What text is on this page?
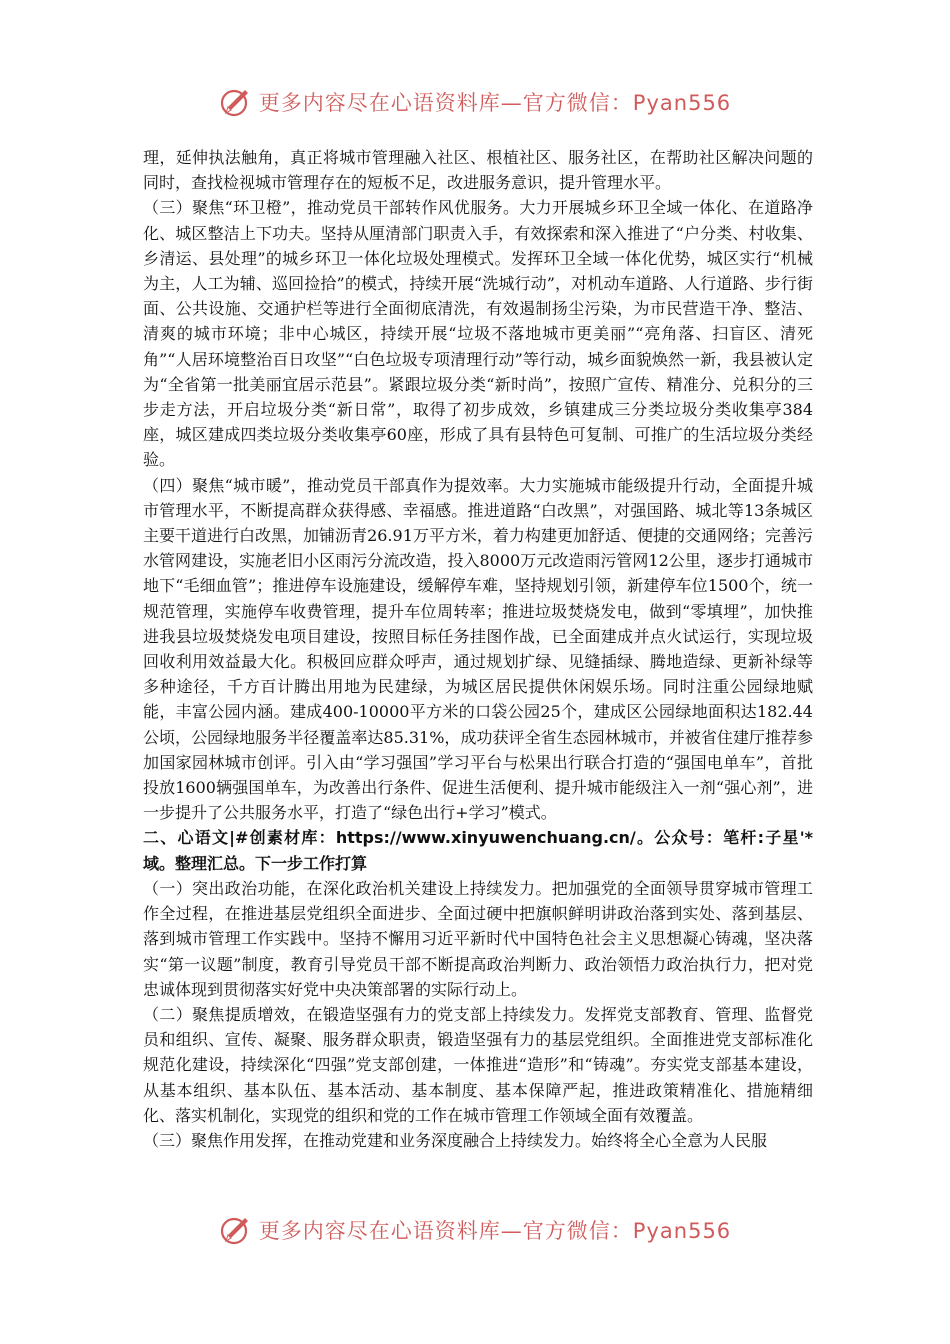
更多内容尽在心语资料库—官方微信：Pyan556

理，延伸执法触角，真正将城市管理融入社区、根植社区、服务社区，在帮助社区解决问题的同时，查找检视城市管理存在的短板不足，改进服务意识，提升管理水平。

（三）聚焦“环卫橙”，推动党员干部转作风优服务。大力开展城乡环卫全域一体化、在道路净化、城区整洁上下功夫。坚持从厘清部门职责入手，有效探索和深入推进了“户分类、村收集、乡清运、县处理”的城乡环卫一体化垃圾处理模式。发挥环卫全域一体化优势，城区实行“机械为主，人工为辅、巡回捡拾”的模式，持续开展“洗城行动”，对机动车道路、人行道路、步行街面、公共设施、交通护栏等进行全面彻底清洗，有效遏制扬尘污染，为市民营造干净、整洁、清爽的城市环境；非中心城区，持续开展“垃圾不落地城市更美丽”“亮角落、扫盲区、清死角”“人居环境整治百日攻坚”“白色垃圾专项清理行动”等行动，城乡面貌焕然一新，我县被认定为“全省第一批美丽宜居示范县”。紧跟垃圾分类“新时尚”，按照广宣传、精准分、兑积分的三步走方法，开启垃圾分类“新日常”，取得了初步成效，乡镇建成三分类垃圾分类收集亭384座，城区建成四类垃圾分类收集亭60座，形成了具有县特色可复制、可推广的生活垃圾分类经验。

（四）聚焦“城市暖”，推动党员干部真作为提效率。大力实施城市能级提升行动，全面提升城市管理水平，不断提高群众获得感、幸福感。推进道路“白改黑”，对强国路、城北等13条城区主要干道进行白改黑，加铺沥青26.91万平方米，着力构建更加舒适、便捷的交通网络；完善污水管网建设，实施老旧小区雨污分流改造，投入8000万元改造雨污管网12公里，逐步打通城市地下“毛细血管”；推进停车设施建设，缓解停车难，坚持规划引领，新建停车位1500个，统一规范管理，实施停车收费管理，提升车位周转率；推进垃圾焚烧发电，做到“零填埋”，加快推进我县垃圾焚烧发电项目建设，按照目标任务挂图作战，已全面建成并点火试运行，实现垃圾回收利用效益最大化。积极回应群众呼声，通过规划扩绿、见缝插绿、腾地造绿、更新补绿等多种途径，千方百计腾出用地为民建绿，为城区居民提供休闲娱乐场。同时注重公园绿地赋能，丰富公园内涵。建成400-10000平方米的口袋公园25个，建成区公园绿地面积达182.44公顷，公园绿地服务半径覆盖率达85.31%，成功获评全省生态园林城市，并被省住建厅推荐参加国家园林城市创评。引入由“学习强国”学习平台与松果出行联合打造的“强国电单车”，首批投放1600辆强国单车，为改善出行条件、促进生活便利、提升城市能级注入一剂“强心剂”，进一步提升了公共服务水平，打造了“绿色出行+学习”模式。

二、心语文|#创素材库：https://www.xinyuwenchuang.cn/。公众号：笔杆:子星'*域。整理汇总。下一步工作打算

（一）突出政治功能，在深化政治机关建设上持续发力。把加强党的全面领导贯穿城市管理工作全过程，在推进基层党组织全面进步、全面过硬中把旗帜鲜明讲政治落到实处、落到基层、落到城市管理工作实践中。坚持不懈用习近平新时代中国特色社会主义思想凝心铸魂，坚决落实“第一议题”制度，教育引导党员干部不断提高政治判断力、政治领悟力政治执行力，把对党忠诚体现到贯彻落实好党中央决策部署的实际行动上。

（二）聚焦提质增效，在锻造坚强有力的党支部上持续发力。发挥党支部教育、管理、监督党员和组织、宣传、凝聚、服务群众职责，锻造坚强有力的基层党组织。全面推进党支部标准化规范化建设，持续深化“四强”党支部创建，一体推进“造形”和“铸魂”。夯实党支部基本建设，从基本组织、基本队伍、基本活动、基本制度、基本保障严起，推进政策精准化、措施精细化、落实机制化，实现党的组织和党的工作在城市管理工作领域全面有效覆盖。

（三）聚焦作用发挥，在推动党建和业务深度融合上持续发力。始终将全心全意为人民服

更多内容尽在心语资料库—官方微信：Pyan556
